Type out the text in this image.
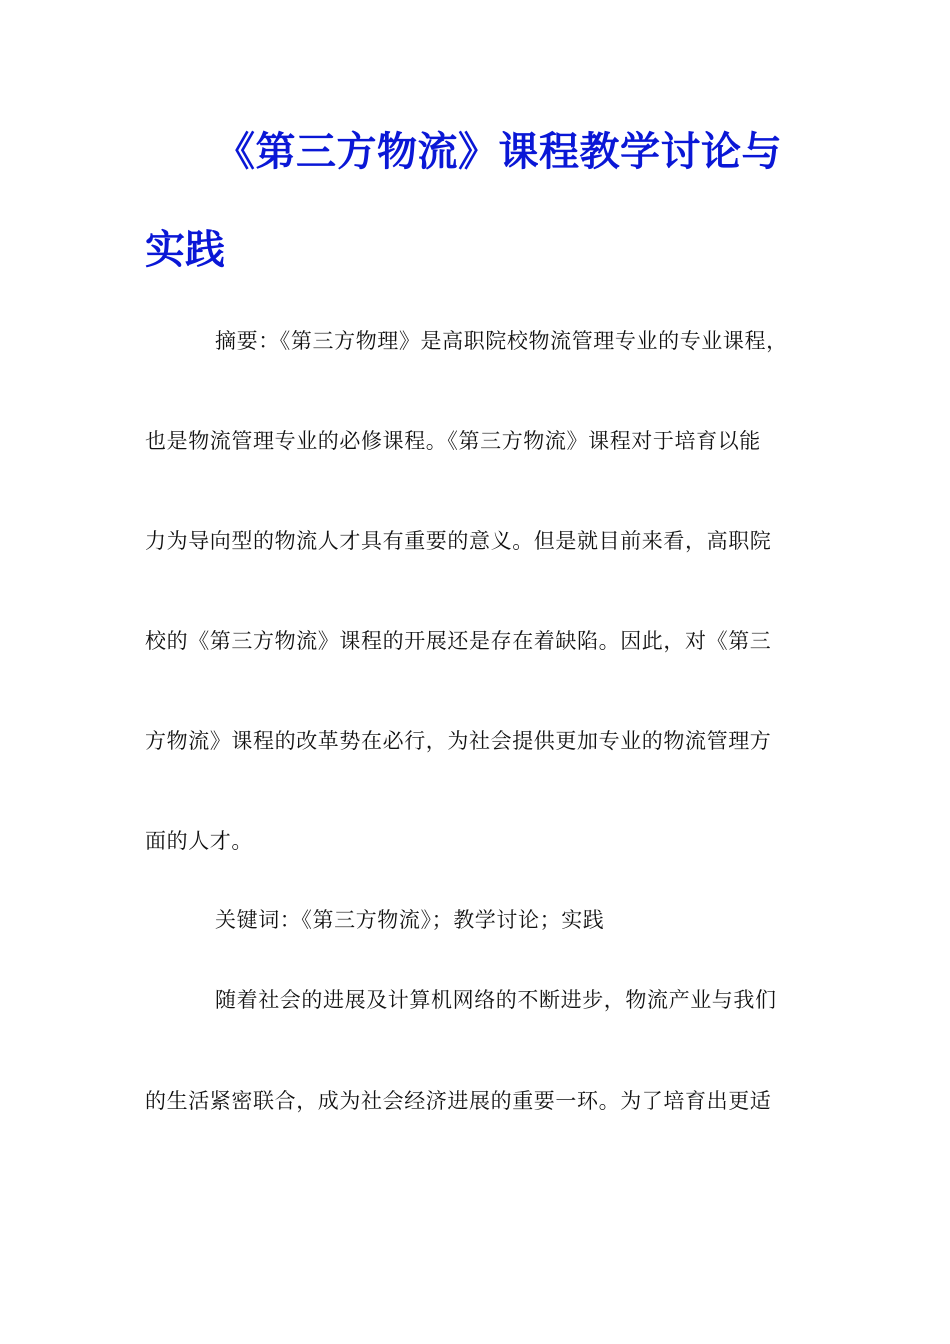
《第三方物流》课程教学讨论与
实践
摘要：《第三方物理》是高职院校物流管理专业的专业课程，
也是物流管理专业的必修课程。《第三方物流》课程对于培育以能
力为导向型的物流人才具有重要的意义。但是就目前来看，高职院
校的《第三方物流》课程的开展还是存在着缺陷。因此，对《第三
方物流》课程的改革势在必行，为社会提供更加专业的物流管理方
面的人才。
关键词：《第三方物流》；教学讨论；实践
随着社会的进展及计算机网络的不断进步，物流产业与我们
的生活紧密联合，成为社会经济进展的重要一环。为了培育出更适
